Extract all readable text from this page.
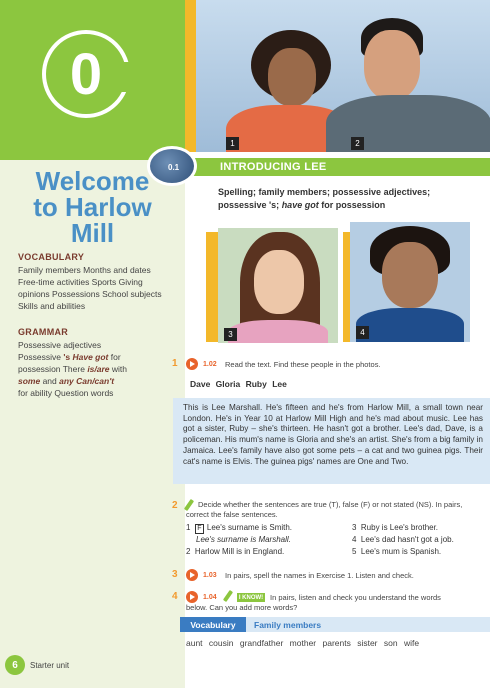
0
Welcome
to Harlow
Mill
VOCABULARY
Family members Months and dates Free-time activities Sports Giving opinions Possessions School subjects Skills and abilities
GRAMMAR
Possessive adjectives
Possessive 's Have got for
possession There is/are with
some and any Can/can't
for ability Question words
1	2
0.1	INTRODUCING LEE
Spelling; family members; possessive adjectives;
possessive 's; have got for possession
3	4
1	1.02 Read the text. Find these people in the photos.
Dave Gloria Ruby Lee
This is Lee Marshall. He's fifteen and he's from Harlow Mill, a small town near London. He's in Year 10 at Harlow Mill High and he's mad about music. Lee has got a sister, Ruby – she's thirteen. He hasn't got a brother. Lee's dad, Dave, is a policeman. His mum's name is Gloria and she's an artist. She's from a big family in Jamaica. Lee's family have also got some pets – a cat and two guinea pigs. Their cat's name is Elvis. The guinea pigs' names are One and Two.
2	Decide whether the sentences are true (T), false (F) or not stated (NS). In pairs,
correct the false sentences.
1 F Lee's surname is Smith.
Lee's surname is Marshall.
2 Harlow Mill is in England.
3 Ruby is Lee's brother.
4 Lee's dad hasn't got a job.
5 Lee's mum is Spanish.
3	1.03 In pairs, spell the names in Exercise 1. Listen and check.
4	1.04	I KNOW! In pairs, listen and check you understand the words
below. Can you add more words?
Vocabulary	Family members
aunt cousin grandfather mother parents sister son wife
6 Starter unit
